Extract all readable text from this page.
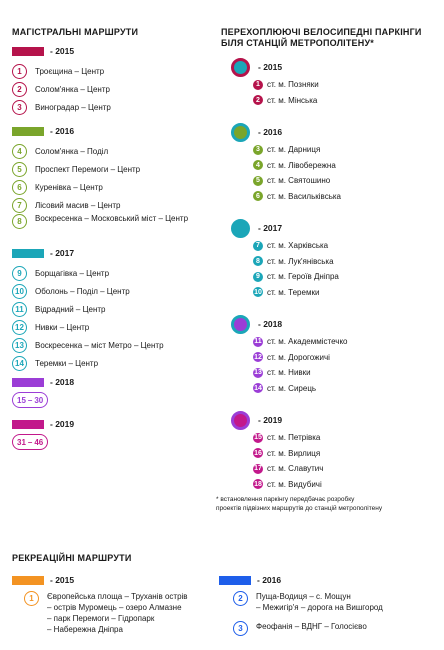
МАГІСТРАЛЬНІ МАРШРУТИ
- 2015
1	Троєщина – Центр
2	Солом'янка – Центр
3	Виноградар – Центр
- 2016
4	Солом'янка – Поділ
5	Проспект Перемоги – Центр
6	Куренівка – Центр
7	Лісовий масив – Центр
8	Воскресенка – Московський міст – Центр
- 2017
9	Борщагівка – Центр
10	Оболонь – Поділ – Центр
11	Відрадний – Центр
12	Нивки – Центр
13	Воскресенка – міст Метро – Центр
14	Теремки – Центр
- 2018
15 – 30
- 2019
31 – 46
ПЕРЕХОПЛЮЮЧІ ВЕЛОСИПЕДНІ ПАРКІНГИ
БІЛЯ СТАНЦІЙ МЕТРОПОЛІТЕНУ*
- 2015
1 ст. м. Позняки
2 ст. м. Мінська
- 2016
3 ст. м. Дарниця
4 ст. м. Лівобережна
5 ст. м. Святошино
6 ст. м. Васильківська
- 2017
7 ст. м. Харківська
8 ст. м. Лук'янівська
9 ст. м. Героїв Дніпра
10 ст. м. Теремки
- 2018
11 ст. м. Академмістечко
12 ст. м. Дорогожичі
13 ст. м. Нивки
14 ст. м. Сирець
- 2019
15 ст. м. Петрівка
16 ст. м. Вирлиця
17 ст. м. Славутич
18 ст. м. Видубичі
* встановлення паркінгу передбачає розробку
проектів підвізних маршрутів до станцій метрополітену
РЕКРЕАЦІЙНІ МАРШРУТИ
- 2015
1	Європейська площа – Труханів острів
– острів Муромець – озеро Алмазне
– парк Перемоги – Гідропарк
– Набережна Дніпра
- 2016
2	Пуща-Водиця – с. Мощун
– Межигір'я – дорога на Вишгород
3	Феофанія – ВДНГ – Голосієво
